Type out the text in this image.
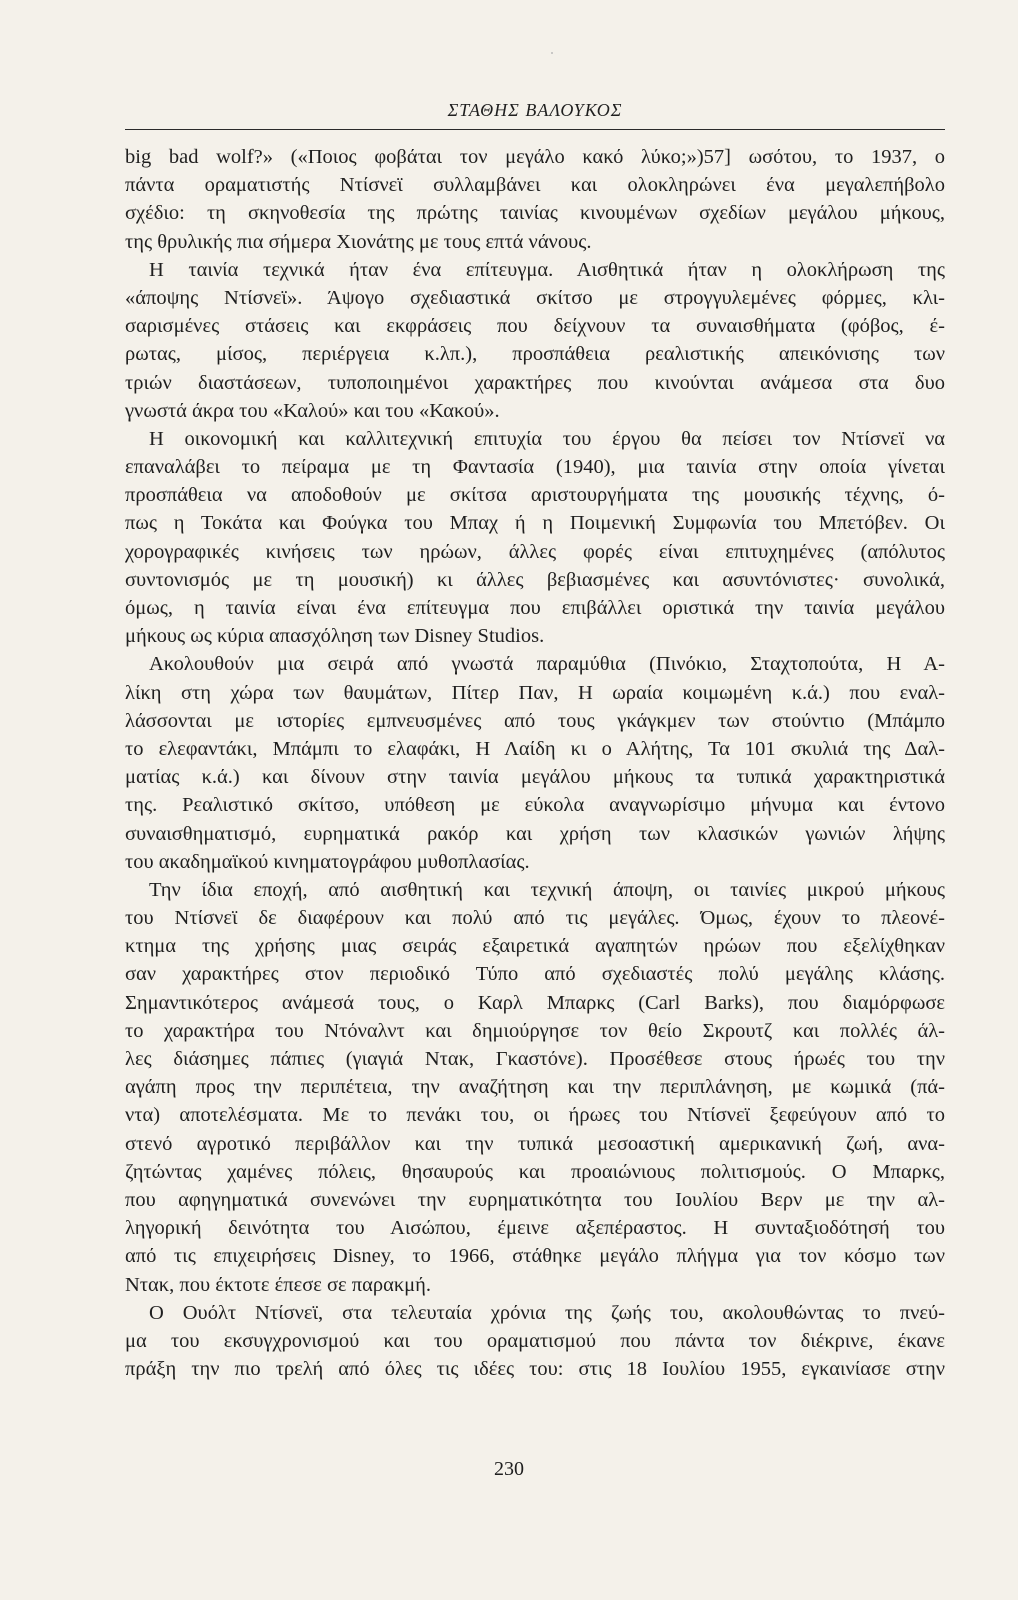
ΣΤΑΘΗΣ ΒΑΛΟΥΚΟΣ
big bad wolf?» («Ποιος φοβάται τον μεγάλο κακό λύκο;»)57] ωσότου, το 1937, ο
πάντα οραματιστής Ντίσνεϊ συλλαμβάνει και ολοκληρώνει ένα μεγαλεπήβολο
σχέδιο: τη σκηνοθεσία της πρώτης ταινίας κινουμένων σχεδίων μεγάλου μήκους,
της θρυλικής πια σήμερα Χιονάτης με τους επτά νάνους.
Η ταινία τεχνικά ήταν ένα επίτευγμα. Αισθητικά ήταν η ολοκλήρωση της
«άποψης Ντίσνεϊ». Άψογο σχεδιαστικά σκίτσο με στρογγυλεμένες φόρμες, κλι-
σαρισμένες στάσεις και εκφράσεις που δείχνουν τα συναισθήματα (φόβος, έ-
ρωτας, μίσος, περιέργεια κ.λπ.), προσπάθεια ρεαλιστικής απεικόνισης των
τριών διαστάσεων, τυποποιημένοι χαρακτήρες που κινούνται ανάμεσα στα δυο
γνωστά άκρα του «Καλού» και του «Κακού».
Η οικονομική και καλλιτεχνική επιτυχία του έργου θα πείσει τον Ντίσνεϊ να
επαναλάβει το πείραμα με τη Φαντασία (1940), μια ταινία στην οποία γίνεται
προσπάθεια να αποδοθούν με σκίτσα αριστουργήματα της μουσικής τέχνης, ό-
πως η Τοκάτα και Φούγκα του Μπαχ ή η Ποιμενική Συμφωνία του Μπετόβεν. Οι
χορογραφικές κινήσεις των ηρώων, άλλες φορές είναι επιτυχημένες (απόλυτος
συντονισμός με τη μουσική) κι άλλες βεβιασμένες και ασυντόνιστες· συνολικά,
όμως, η ταινία είναι ένα επίτευγμα που επιβάλλει οριστικά την ταινία μεγάλου
μήκους ως κύρια απασχόληση των Disney Studios.
Ακολουθούν μια σειρά από γνωστά παραμύθια (Πινόκιο, Σταχτοπούτα, Η Α-
λίκη στη χώρα των θαυμάτων, Πίτερ Παν, Η ωραία κοιμωμένη κ.ά.) που εναλ-
λάσσονται με ιστορίες εμπνευσμένες από τους γκάγκμεν των στούντιο (Μπάμπο
το ελεφαντάκι, Μπάμπι το ελαφάκι, Η Λαίδη κι ο Αλήτης, Τα 101 σκυλιά της Δαλ-
ματίας κ.ά.) και δίνουν στην ταινία μεγάλου μήκους τα τυπικά χαρακτηριστικά
της. Ρεαλιστικό σκίτσο, υπόθεση με εύκολα αναγνωρίσιμο μήνυμα και έντονο
συναισθηματισμό, ευρηματικά ρακόρ και χρήση των κλασικών γωνιών λήψης
του ακαδημαϊκού κινηματογράφου μυθοπλασίας.
Την ίδια εποχή, από αισθητική και τεχνική άποψη, οι ταινίες μικρού μήκους
του Ντίσνεϊ δε διαφέρουν και πολύ από τις μεγάλες. Όμως, έχουν το πλεονέ-
κτημα της χρήσης μιας σειράς εξαιρετικά αγαπητών ηρώων που εξελίχθηκαν
σαν χαρακτήρες στον περιοδικό Τύπο από σχεδιαστές πολύ μεγάλης κλάσης.
Σημαντικότερος ανάμεσά τους, ο Καρλ Μπαρκς (Carl Barks), που διαμόρφωσε
το χαρακτήρα του Ντόναλντ και δημιούργησε τον θείο Σκρουτζ και πολλές άλ-
λες διάσημες πάπιες (γιαγιά Ντακ, Γκαστόνε). Προσέθεσε στους ήρωές του την
αγάπη προς την περιπέτεια, την αναζήτηση και την περιπλάνηση, με κωμικά (πά-
ντα) αποτελέσματα. Με το πενάκι του, οι ήρωες του Ντίσνεϊ ξεφεύγουν από το
στενό αγροτικό περιβάλλον και την τυπικά μεσοαστική αμερικανική ζωή, ανα-
ζητώντας χαμένες πόλεις, θησαυρούς και προαιώνιους πολιτισμούς. Ο Μπαρκς,
που αφηγηματικά συνενώνει την ευρηματικότητα του Ιουλίου Βερν με την αλ-
ληγορική δεινότητα του Αισώπου, έμεινε αξεπέραστος. Η συνταξιοδότησή του
από τις επιχειρήσεις Disney, το 1966, στάθηκε μεγάλο πλήγμα για τον κόσμο των
Ντακ, που έκτοτε έπεσε σε παρακμή.
Ο Ουόλτ Ντίσνεϊ, στα τελευταία χρόνια της ζωής του, ακολουθώντας το πνεύ-
μα του εκσυγχρονισμού και του οραματισμού που πάντα τον διέκρινε, έκανε
πράξη την πιο τρελή από όλες τις ιδέες του: στις 18 Ιουλίου 1955, εγκαινίασε στην
230
